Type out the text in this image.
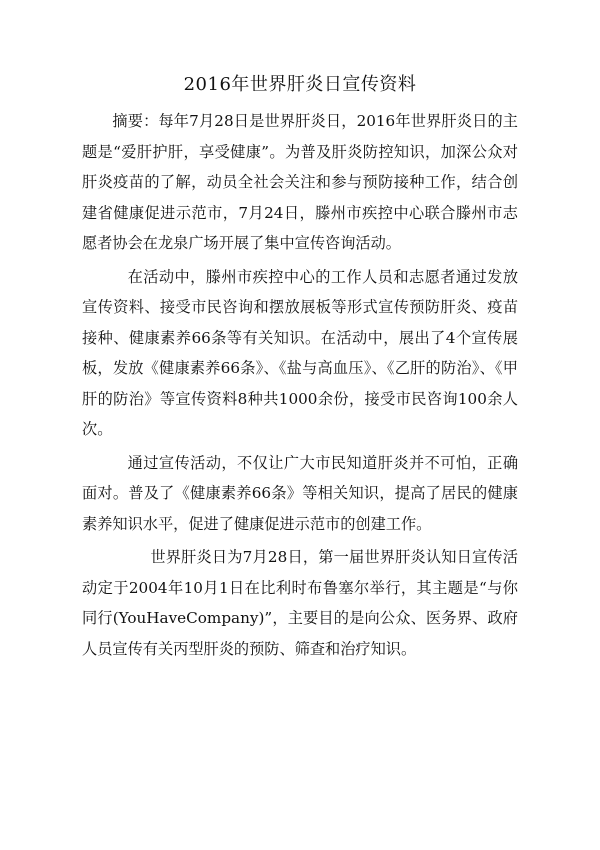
2016年世界肝炎日宣传资料

摘要：每年7月28日是世界肝炎日，2016年世界肝炎日的主题是“爱肝护肝，享受健康”。为普及肝炎防控知识，加深公众对肝炎疫苗的了解，动员全社会关注和参与预防接种工作，结合创建省健康促进示范市，7月24日，滕州市疾控中心联合滕州市志愿者协会在龙泉广场开展了集中宣传咨询活动。

在活动中，滕州市疾控中心的工作人员和志愿者通过发放宣传资料、接受市民咨询和摆放展板等形式宣传预防肝炎、疫苗接种、健康素养66条等有关知识。在活动中，展出了4个宣传展板，发放《健康素养66条》、《盐与高血压》、《乙肝的防治》、《甲肝的防治》等宣传资料8种共1000余份，接受市民咨询100余人次。

通过宣传活动，不仅让广大市民知道肝炎并不可怕，正确面对。普及了《健康素养66条》等相关知识，提高了居民的健康素养知识水平，促进了健康促进示范市的创建工作。

世界肝炎日为7月28日，第一届世界肝炎认知日宣传活动定于2004年10月1日在比利时布鲁塞尔举行，其主题是“与你同行(YouHaveCompany)”，主要目的是向公众、医务界、政府人员宣传有关丙型肝炎的预防、筛查和治疗知识。
